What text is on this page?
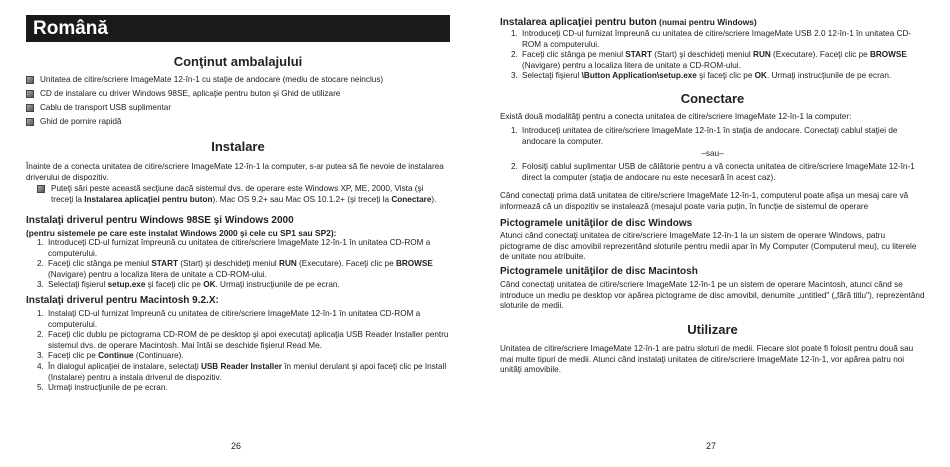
Română
Conţinut ambalajului
Unitatea de citire/scriere ImageMate 12-în-1 cu staţie de andocare (mediu de stocare neinclus)
CD de instalare cu driver Windows 98SE, aplicaţie pentru buton şi Ghid de utilizare
Cablu de transport USB suplimentar
Ghid de pornire rapidă
Instalare
Înainte de a conecta unitatea de citire/scriere ImageMate 12-în-1 la computer, s-ar putea să fie nevoie de instalarea driverului de dispozitiv.
Puteţi sări peste această secţiune dacă sistemul dvs. de operare este Windows XP, ME, 2000, Vista (şi treceţi la Instalarea aplicaţiei pentru buton). Mac OS 9.2+ sau Mac OS 10.1.2+ (şi treceţi la Conectare).
Instalaţi driverul pentru Windows 98SE şi Windows 2000
(pentru sistemele pe care este instalat Windows 2000 şi cele cu SP1 sau SP2):
1. Introduceţi CD-ul furnizat împreună cu unitatea de citire/scriere ImageMate 12-în-1 în unitatea CD-ROM a computerului.
2. Faceţi clic stânga pe meniul START (Start) şi deschideţi meniul RUN (Executare). Faceţi clic pe BROWSE (Navigare) pentru a localiza litera de unitate a CD-ROM-ului.
3. Selectaţi fişierul setup.exe şi faceţi clic pe OK. Urmaţi instrucţiunile de pe ecran.
Instalaţi driverul pentru Macintosh 9.2.X:
1. Instalaţi CD-ul furnizat împreună cu unitatea de citire/scriere ImageMate 12-în-1 în unitatea CD-ROM a computerului.
2. Faceţi clic dublu pe pictograma CD-ROM de pe desktop şi apoi executaţi aplicaţia USB Reader Installer pentru sistemul dvs. de operare Macintosh. Mai întâi se deschide fişierul Read Me.
3. Faceţi clic pe Continue (Continuare).
4. În dialogul aplicaţiei de instalare, selectaţi USB Reader Installer în meniul derulant şi apoi faceţi clic pe Install (Instalare) pentru a instala driverul de dispozitiv.
5. Urmaţi instrucţiunile de pe ecran.
26
Instalarea aplicaţiei pentru buton (numai pentru Windows)
1. Introduceţi CD-ul furnizat împreună cu unitatea de citire/scriere ImageMate USB 2.0 12-în-1 în unitatea CD-ROM a computerului.
2. Faceţi clic stânga pe meniul START (Start) şi deschideţi meniul RUN (Executare). Faceţi clic pe BROWSE (Navigare) pentru a localiza litera de unitate a CD-ROM-ului.
3. Selectaţi fişierul \Button Application\setup.exe şi faceţi clic pe OK. Urmaţi instrucţiunile de pe ecran.
Conectare
Există două modalităţi pentru a conecta unitatea de citire/scriere ImageMate 12-în-1 la computer:
1. Introduceţi unitatea de citire/scriere ImageMate 12-în-1 în staţia de andocare. Conectaţi cablul staţiei de andocare la computer.
–sau–
2. Folosiţi cablul suplimentar USB de călătorie pentru a vă conecta unitatea de citire/scriere ImageMate 12-în-1 direct la computer (staţia de andocare nu este necesară în acest caz).
Când conectaţi prima dată unitatea de citire/scriere ImageMate 12-în-1, computerul poate afişa un mesaj care vă informează că un dispozitiv se instalează (mesajul poate varia puţin, în funcţie de sistemul de operare
Pictogramele unităţilor de disc Windows
Atunci când conectaţi unitatea de citire/scriere ImageMate 12-în-1 la un sistem de operare Windows, patru pictograme de disc amovibil reprezentând sloturile pentru medii apar în My Computer (Computerul meu), cu literele de unitate nou atribuite.
Pictogramele unităţilor de disc Macintosh
Când conectaţi unitatea de citire/scriere ImageMate 12-în-1 pe un sistem de operare Macintosh, atunci când se introduce un mediu pe desktop vor apărea pictograme de disc amovibil, denumite „untitled" („fără titlu"), reprezentând sloturile de medii.
Utilizare
Unitatea de citire/scriere ImageMate 12-în-1 are patru sloturi de medii. Fiecare slot poate fi folosit pentru două sau mai multe tipuri de medii. Atunci când instalaţi unitatea de citire/scriere ImageMate 12-în-1, vor apărea patru noi unităţi amovibile.
27
